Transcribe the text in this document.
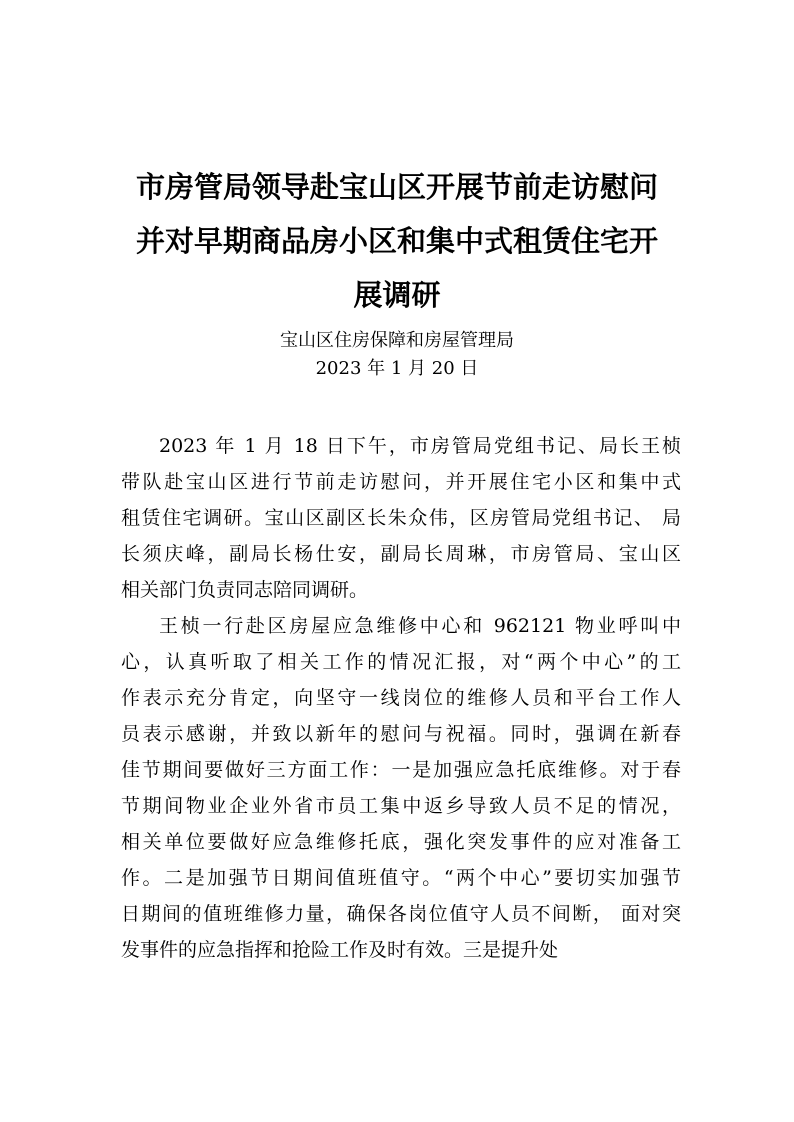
市房管局领导赴宝山区开展节前走访慰问
并对早期商品房小区和集中式租赁住宅开
展调研
宝山区住房保障和房屋管理局
2023 年 1 月 20 日
2023 年 1 月 18 日下午，市房管局党组书记、局长王桢
带队赴宝山区进行节前走访慰问，并开展住宅小区和集中式
租赁住宅调研。宝山区副区长朱众伟，区房管局党组书记、 局
长须庆峰，副局长杨仕安，副局长周琳，市房管局、宝山区
相关部门负责同志陪同调研。
王桢一行赴区房屋应急维修中心和 962121 物业呼叫中
心，认真听取了相关工作的情况汇报，对“两个中心”的工
作表示充分肯定，向坚守一线岗位的维修人员和平台工作人
员表示感谢，并致以新年的慰问与祝福。同时，强调在新春
佳节期间要做好三方面工作：一是加强应急托底维修。对于春
节期间物业企业外省市员工集中返乡导致人员不足的情况，
相关单位要做好应急维修托底，强化突发事件的应对准备工
作。二是加强节日期间值班值守。“两个中心”要切实加强节
日期间的值班维修力量，确保各岗位值守人员不间断， 面对突
发事件的应急指挥和抢险工作及时有效。三是提升处
